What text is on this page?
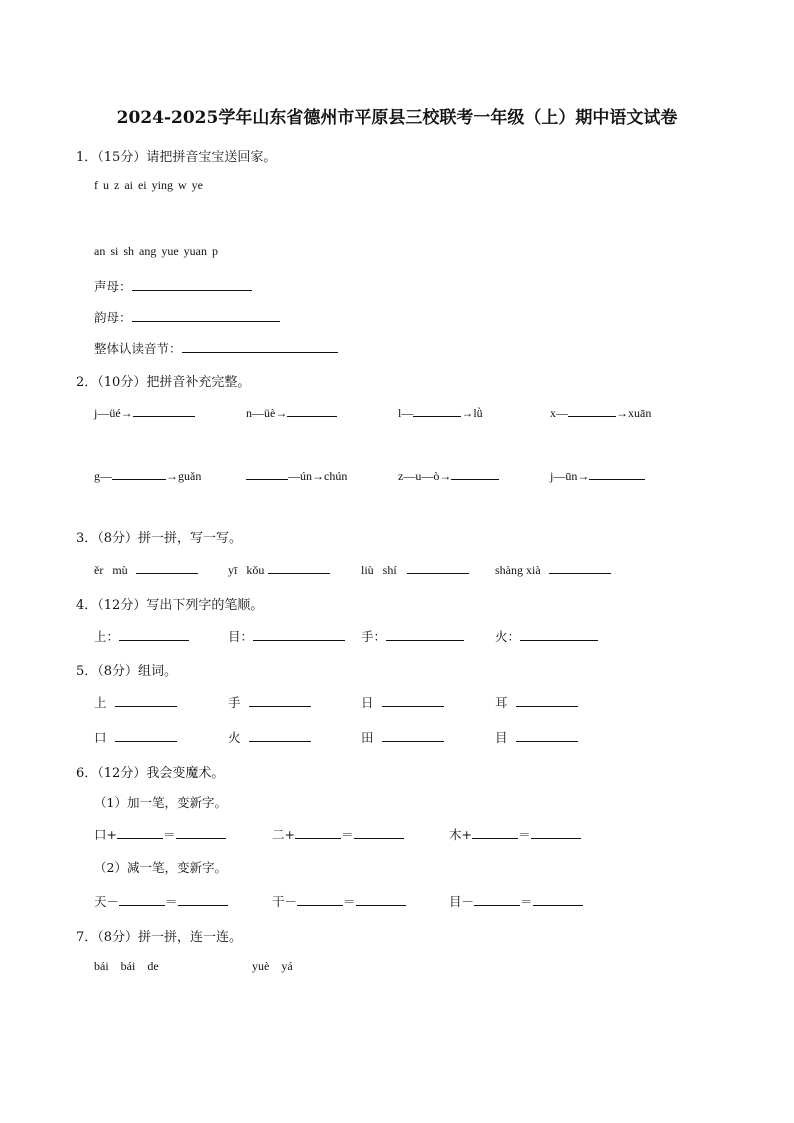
2024-2025学年山东省德州市平原县三校联考一年级（上）期中语文试卷
1．（15分）请把拼音宝宝送回家。
f u z ai ei ying w ye
an si sh ang yue yuan p
声母：
韵母：
整体认读音节：
2．（10分）把拼音补充完整。
j—üé→	n—üè→	l—	→lǜ	x—	→xuān
g—	→guǎn	—ún→chún	z—u—ò→	j—ūn→
3．（8分）拼一拼，写一写。
ěr   mù	yī   kǒu	liù   shí	shàng xià
4．（12分）写出下列字的笔顺。
上：	目：	手：	火：
5．（8分）组词。
上	手	日	耳
口	火	田	目
6．（12分）我会变魔术。
（1）加一笔，变新字。
口+	＝	二+	＝	木+	＝
（2）减一笔，变新字。
天－	＝	干－	＝	目－	＝
7．（8分）拼一拼，连一连。
bái    bái    de	yuè    yá
